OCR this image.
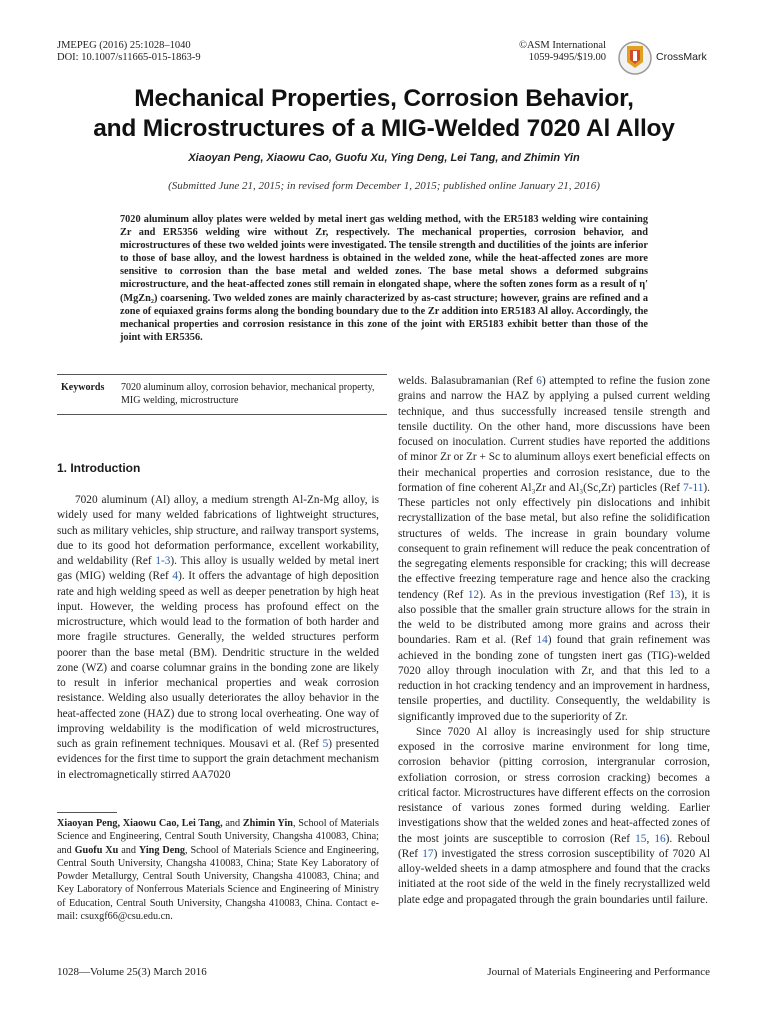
JMEPEG (2016) 25:1028–1040
DOI: 10.1007/s11665-015-1863-9
©ASM International
1059-9495/$19.00	CrossMark
Mechanical Properties, Corrosion Behavior,
and Microstructures of a MIG-Welded 7020 Al Alloy
Xiaoyan Peng, Xiaowu Cao, Guofu Xu, Ying Deng, Lei Tang, and Zhimin Yin
(Submitted June 21, 2015; in revised form December 1, 2015; published online January 21, 2016)
7020 aluminum alloy plates were welded by metal inert gas welding method, with the ER5183 welding wire containing Zr and ER5356 welding wire without Zr, respectively. The mechanical properties, corrosion behavior, and microstructures of these two welded joints were investigated. The tensile strength and ductilities of the joints are inferior to those of base alloy, and the lowest hardness is obtained in the welded zone, while the heat-affected zones are more sensitive to corrosion than the base metal and welded zones. The base metal shows a deformed subgrains microstructure, and the heat-affected zones still remain in elongated shape, where the soften zones form as a result of η′ (MgZn₂) coarsening. Two welded zones are mainly characterized by as-cast structure; however, grains are refined and a zone of equiaxed grains forms along the bonding boundary due to the Zr addition into ER5183 Al alloy. Accordingly, the mechanical properties and corrosion resistance in this zone of the joint with ER5183 exhibit better than those of the joint with ER5356.
Keywords	7020 aluminum alloy, corrosion behavior, mechanical property, MIG welding, microstructure
1. Introduction

7020 aluminum (Al) alloy, a medium strength Al-Zn-Mg alloy, is widely used for many welded fabrications of lightweight structures, such as military vehicles, ship structure, and railway transport systems, due to its good hot deformation performance, excellent workability, and weldability (Ref 1-3). This alloy is usually welded by metal inert gas (MIG) welding (Ref 4). It offers the advantage of high deposition rate and high welding speed as well as deeper penetration by high heat input. However, the welding process has profound effect on the microstructure, which would lead to the formation of both harder and more fragile structures. Generally, the welded structures perform poorer than the base metal (BM). Dendritic structure in the welded zone (WZ) and coarse columnar grains in the bonding zone are likely to result in inferior mechanical properties and weak corrosion resistance. Welding also usually deteriorates the alloy behavior in the heat-affected zone (HAZ) due to strong local overheating. One way of improving weldability is the modification of weld microstructures, such as grain refinement techniques. Mousavi et al. (Ref 5) presented evidences for the first time to support the grain detachment mechanism in electromagnetically stirred AA7020

Xiaoyan Peng, Xiaowu Cao, Lei Tang, and Zhimin Yin, School of Materials Science and Engineering, Central South University, Changsha 410083, China; and Guofu Xu and Ying Deng, School of Materials Science and Engineering, Central South University, Changsha 410083, China; State Key Laboratory of Powder Metallurgy, Central South University, Changsha 410083, China; and Key Laboratory of Nonferrous Materials Science and Engineering of Ministry of Education, Central South University, Changsha 410083, China. Contact e-mail: csuxgf66@csu.edu.cn.

welds. Balasubramanian (Ref 6) attempted to refine the fusion zone grains and narrow the HAZ by applying a pulsed current welding technique, and thus successfully increased tensile strength and tensile ductility. On the other hand, more discussions have been focused on inoculation. Current studies have reported the additions of minor Zr or Zr + Sc to aluminum alloys exert beneficial effects on their mechanical properties and corrosion resistance, due to the formation of fine coherent Al₃Zr and Al₃(Sc,Zr) particles (Ref 7-11). These particles not only effectively pin dislocations and inhibit recrystallization of the base metal, but also refine the solidification structures of welds. The increase in grain boundary volume consequent to grain refinement will reduce the peak concentration of the segregating elements responsible for cracking; this will decrease the effective freezing temperature rage and hence also the cracking tendency (Ref 12). As in the previous investigation (Ref 13), it is also possible that the smaller grain structure allows for the strain in the weld to be distributed among more grains and across their boundaries. Ram et al. (Ref 14) found that grain refinement was achieved in the bonding zone of tungsten inert gas (TIG)-welded 7020 alloy through inoculation with Zr, and that this led to a reduction in hot cracking tendency and an improvement in hardness, tensile properties, and ductility. Consequently, the weldability is significantly improved due to the superiority of Zr.

Since 7020 Al alloy is increasingly used for ship structure exposed in the corrosive marine environment for long time, corrosion behavior (pitting corrosion, intergranular corrosion, exfoliation corrosion, or stress corrosion cracking) becomes a critical factor. Microstructures have different effects on the corrosion resistance of various zones formed during welding. Earlier investigations show that the welded zones and heat-affected zones of the most joints are susceptible to corrosion (Ref 15, 16). Reboul (Ref 17) investigated the stress corrosion susceptibility of 7020 Al alloy-welded sheets in a damp atmosphere and found that the cracks initiated at the root side of the weld in the finely recrystallized weld plate edge and propagated through the grain boundaries until failure.

1028—Volume 25(3) March 2016	Journal of Materials Engineering and Performance
